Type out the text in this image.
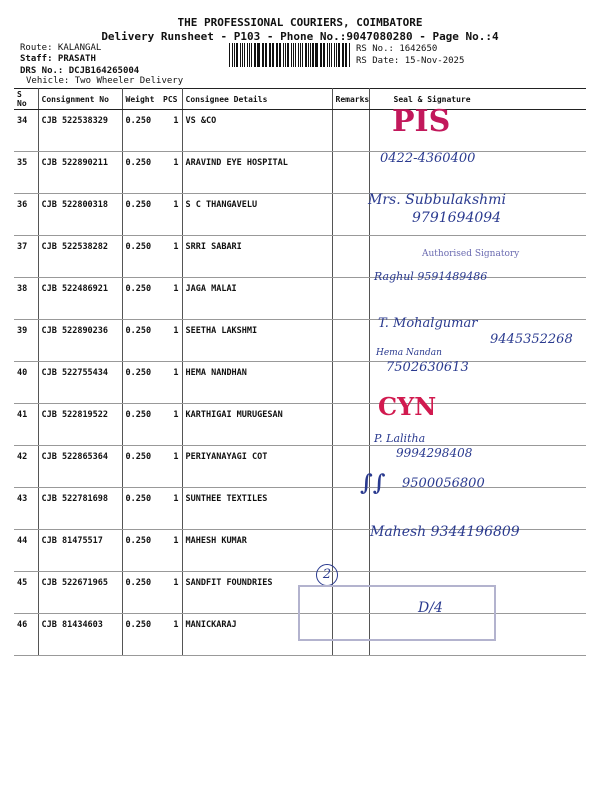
THE PROFESSIONAL COURIERS, COIMBATORE
Delivery Runsheet - P103 - Phone No.:9047080280 - Page No.:4
Route: KALANGAL
Staff: PRASATH
DRS No.: DCJB164265004
Vehicle: Two Wheeler Delivery
RS No.: 1642650
RS Date: 15-Nov-2025
S No	Consignment No	Weight	PCS	Consignee Details	Remarks	Seal & Signature
34	CJB 522538329	0.250	1	VS &CO		
35	CJB 522890211	0.250	1	ARAVIND EYE HOSPITAL		
36	CJB 522800318	0.250	1	S C THANGAVELU		
37	CJB 522538282	0.250	1	SRRI SABARI		
38	CJB 522486921	0.250	1	JAGA MALAI		
39	CJB 522890236	0.250	1	SEETHA LAKSHMI		
40	CJB 522755434	0.250	1	HEMA NANDHAN		
41	CJB 522819522	0.250	1	KARTHIGAI MURUGESAN		
42	CJB 522865364	0.250	1	PERIYANAYAGI COT		
43	CJB 522781698	0.250	1	SUNTHEE TEXTILES		
44	CJB 81475517	0.250	1	MAHESH KUMAR		
45	CJB 522671965	0.250	1	SANDFIT FOUNDRIES		
46	CJB 81434603	0.250	1	MANICKARAJ		
PIS
0422-4360400
Mrs. Subbulakshmi
9791694094
Authorised Signatory
Raghul 9591489486
T. Mohalgumar
9445352268
Hema Nandan
7502630613
CYN
P. Lalitha
9994298408
∫∫ 9500056800
Mahesh 9344196809
2
D/4
